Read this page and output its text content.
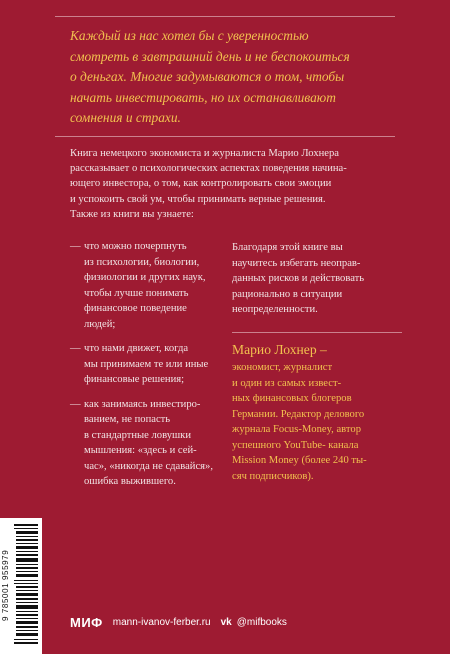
Каждый из нас хотел бы с уверенностью
смотреть в завтрашний день и не беспокоиться
о деньгах. Многие задумываются о том, чтобы
начать инвестировать, но их останавливают
сомнения и страхи.
Книга немецкого экономиста и журналиста Марио Лохнера
рассказывает о психологических аспектах поведения начина-
ющего инвестора, о том, как контролировать свои эмоции
и успокоить свой ум, чтобы принимать верные решения.
Также из книги вы узнаете:
— что можно почерпнуть
из психологии, биологии,
физиологии и других наук,
чтобы лучше понимать
финансовое поведение
людей;
— что нами движет, когда
мы принимаем те или иные
финансовые решения;
— как занимаясь инвестиро-
ванием, не попасть
в стандартные ловушки
мышления: «здесь и сей-
час», «никогда не сдавайся»,
ошибка выжившего.
Благодаря этой книге вы
научитесь избегать неоправ-
данных рисков и действовать
рационально в ситуации
неопределенности.
Марио Лохнер –
экономист, журналист
и один из самых извест-
ных финансовых блогеров
Германии. Редактор делового
журнала Focus-Money, автор
успешного YouTube- канала
Mission Money (более 240 ты-
сяч подписчиков).
9 785001 955979
МИФ mann-ivanov-ferber.ru vk @mifbooks
